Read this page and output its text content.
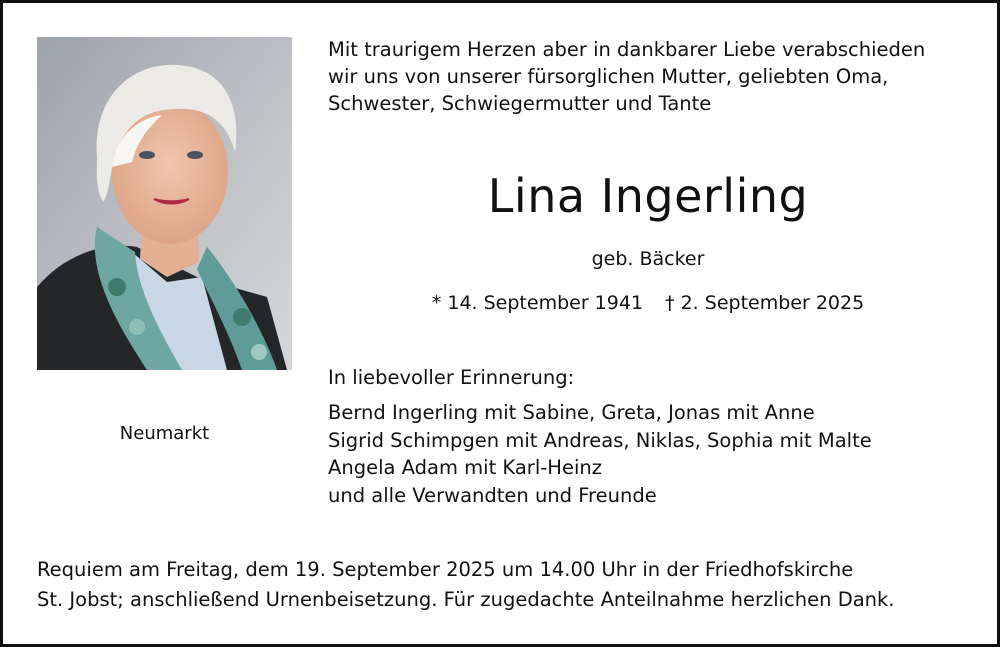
Neumarkt
Mit traurigem Herzen aber in dankbarer Liebe verabschieden
wir uns von unserer fürsorglichen Mutter, geliebten Oma,
Schwester, Schwiegermutter und Tante
Lina Ingerling
geb. Bäcker
* 14. September 1941 † 2. September 2025
In liebevoller Erinnerung:
Bernd Ingerling mit Sabine, Greta, Jonas mit Anne
Sigrid Schimpgen mit Andreas, Niklas, Sophia mit Malte
Angela Adam mit Karl-Heinz
und alle Verwandten und Freunde
Requiem am Freitag, dem 19. September 2025 um 14.00 Uhr in der Friedhofskirche
St. Jobst; anschließend Urnenbeisetzung. Für zugedachte Anteilnahme herzlichen Dank.
